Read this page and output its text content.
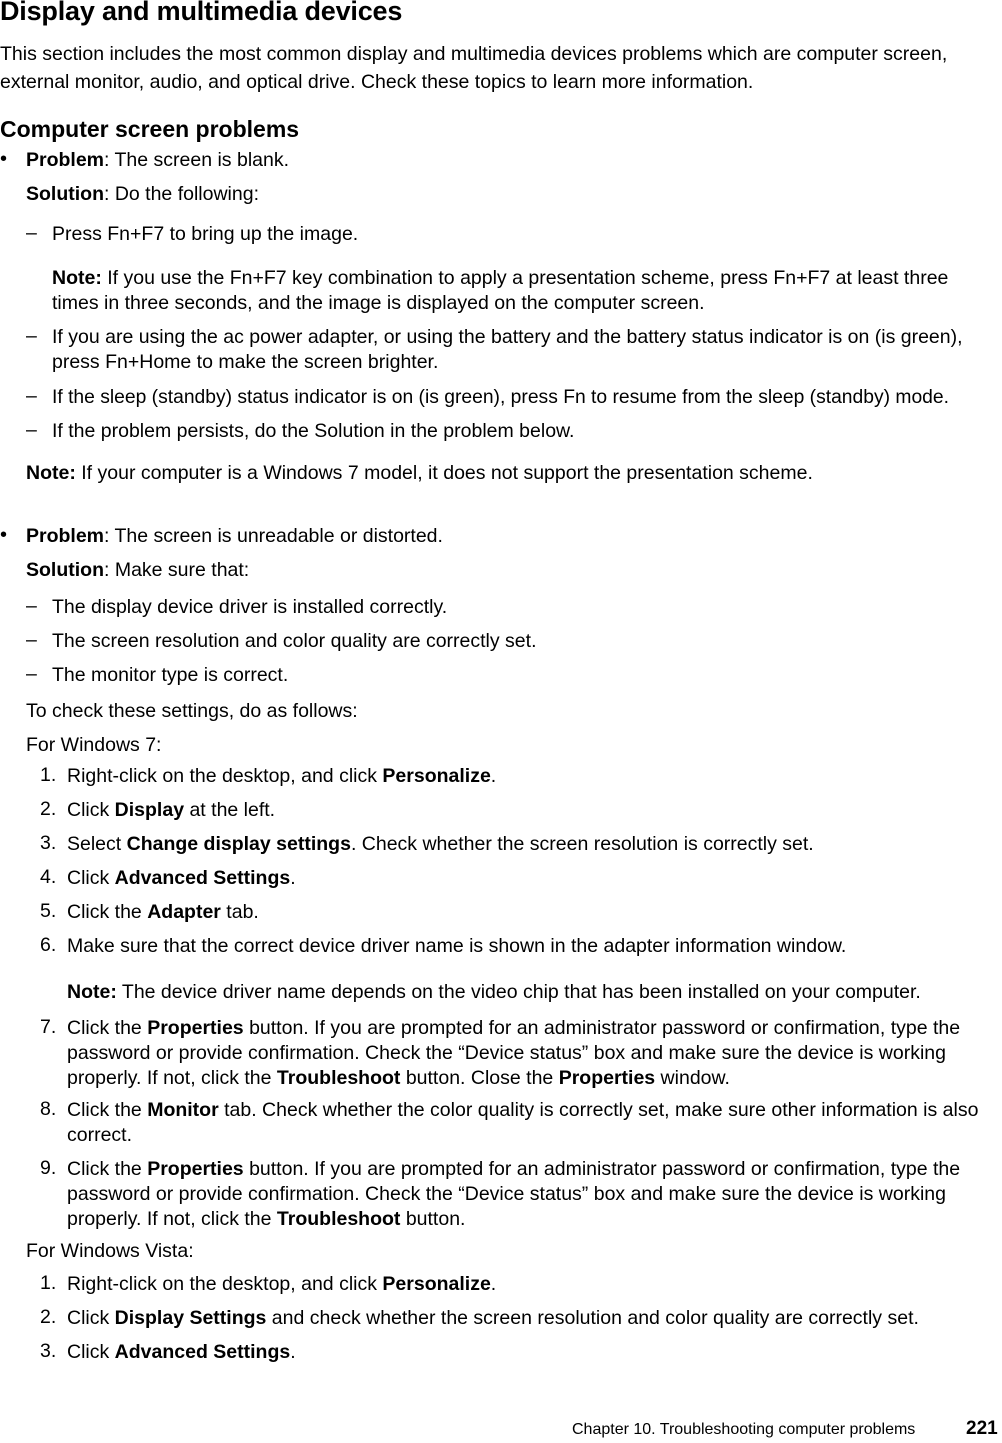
Display and multimedia devices
This section includes the most common display and multimedia devices problems which are computer screen, external monitor, audio, and optical drive. Check these topics to learn more information.
Computer screen problems
• Problem: The screen is blank.
Solution: Do the following:
– Press Fn+F7 to bring up the image.
Note: If you use the Fn+F7 key combination to apply a presentation scheme, press Fn+F7 at least three times in three seconds, and the image is displayed on the computer screen.
– If you are using the ac power adapter, or using the battery and the battery status indicator is on (is green), press Fn+Home to make the screen brighter.
– If the sleep (standby) status indicator is on (is green), press Fn to resume from the sleep (standby) mode.
– If the problem persists, do the Solution in the problem below.
Note: If your computer is a Windows 7 model, it does not support the presentation scheme.
• Problem: The screen is unreadable or distorted.
Solution: Make sure that:
– The display device driver is installed correctly.
– The screen resolution and color quality are correctly set.
– The monitor type is correct.
To check these settings, do as follows:
For Windows 7:
1. Right-click on the desktop, and click Personalize.
2. Click Display at the left.
3. Select Change display settings. Check whether the screen resolution is correctly set.
4. Click Advanced Settings.
5. Click the Adapter tab.
6. Make sure that the correct device driver name is shown in the adapter information window.
Note: The device driver name depends on the video chip that has been installed on your computer.
7. Click the Properties button. If you are prompted for an administrator password or confirmation, type the password or provide confirmation. Check the “Device status” box and make sure the device is working properly. If not, click the Troubleshoot button. Close the Properties window.
8. Click the Monitor tab. Check whether the color quality is correctly set, make sure other information is also correct.
9. Click the Properties button. If you are prompted for an administrator password or confirmation, type the password or provide confirmation. Check the “Device status” box and make sure the device is working properly. If not, click the Troubleshoot button.
For Windows Vista:
1. Right-click on the desktop, and click Personalize.
2. Click Display Settings and check whether the screen resolution and color quality are correctly set.
3. Click Advanced Settings.
Chapter 10. Troubleshooting computer problems	221
